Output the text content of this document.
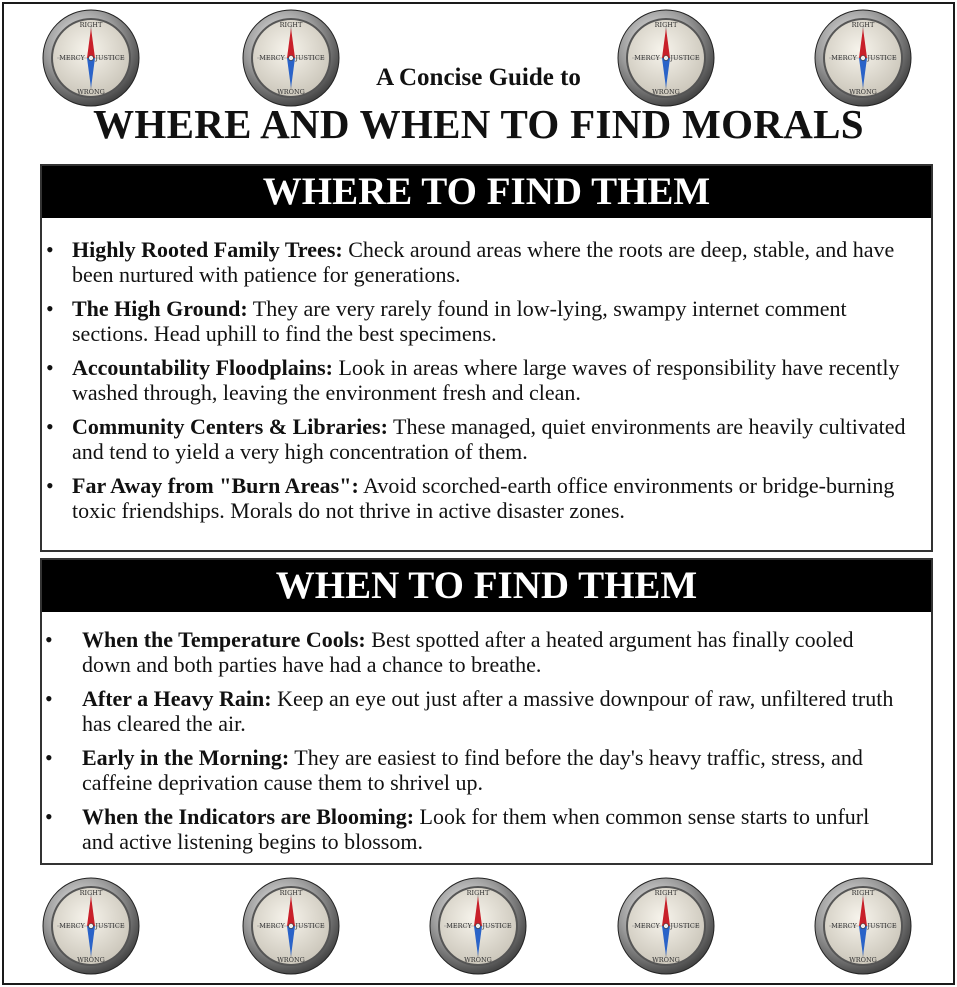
RIGHT
WRONG
MERCY JUSTICE
RIGHT
WRONG
MERCY JUSTICE
RIGHT
WRONG
MERCY JUSTICE
RIGHT
WRONG
MERCY JUSTICE
A Concise Guide to
WHERE AND WHEN TO FIND MORALS
WHERE TO FIND THEM
• Highly Rooted Family Trees: Check around areas where the roots are deep, stable, and have been nurtured with patience for generations.
• The High Ground: They are very rarely found in low-lying, swampy internet comment sections. Head uphill to find the best specimens.
• Accountability Floodplains: Look in areas where large waves of responsibility have recently washed through, leaving the environment fresh and clean.
• Community Centers & Libraries: These managed, quiet environments are heavily cultivated and tend to yield a very high concentration of them.
• Far Away from "Burn Areas": Avoid scorched-earth office environments or bridge-burning toxic friendships. Morals do not thrive in active disaster zones.
WHEN TO FIND THEM
• When the Temperature Cools: Best spotted after a heated argument has finally cooled down and both parties have had a chance to breathe.
• After a Heavy Rain: Keep an eye out just after a massive downpour of raw, unfiltered truth has cleared the air.
• Early in the Morning: They are easiest to find before the day's heavy traffic, stress, and caffeine deprivation cause them to shrivel up.
• When the Indicators are Blooming: Look for them when common sense starts to unfurl and active listening begins to blossom.
RIGHT
WRONG
MERCY JUSTICE
RIGHT
WRONG
MERCY JUSTICE
RIGHT
WRONG
MERCY JUSTICE
RIGHT
WRONG
MERCY JUSTICE
RIGHT
WRONG
MERCY JUSTICE
